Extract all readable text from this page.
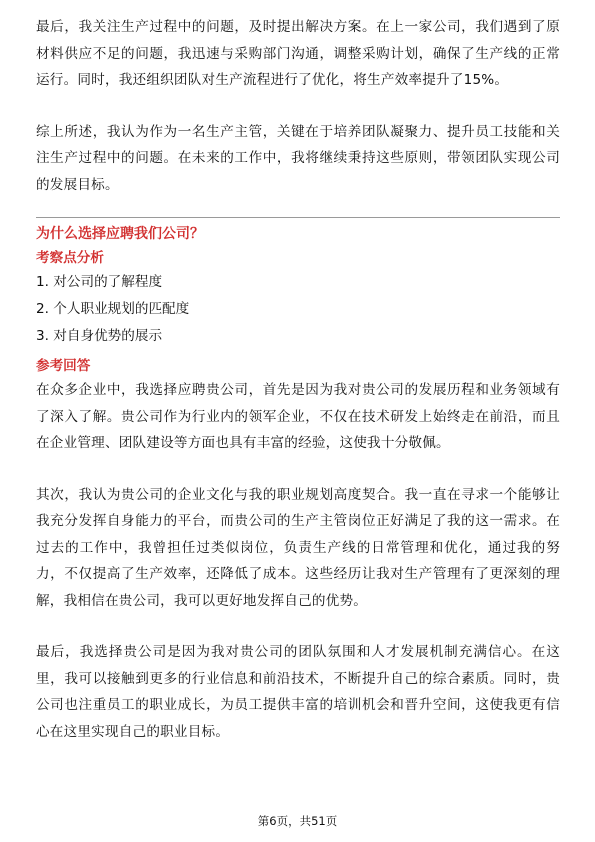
最后，我关注生产过程中的问题，及时提出解决方案。在上一家公司，我们遇到了原材料供应不足的问题，我迅速与采购部门沟通，调整采购计划，确保了生产线的正常运行。同时，我还组织团队对生产流程进行了优化，将生产效率提升了15%。

综上所述，我认为作为一名生产主管，关键在于培养团队凝聚力、提升员工技能和关注生产过程中的问题。在未来的工作中，我将继续秉持这些原则，带领团队实现公司的发展目标。

为什么选择应聘我们公司？

考察点分析

1. 对公司的了解程度

2. 个人职业规划的匹配度

3. 对自身优势的展示

参考回答

在众多企业中，我选择应聘贵公司，首先是因为我对贵公司的发展历程和业务领域有了深入了解。贵公司作为行业内的领军企业，不仅在技术研发上始终走在前沿，而且在企业管理、团队建设等方面也具有丰富的经验，这使我十分敬佩。

其次，我认为贵公司的企业文化与我的职业规划高度契合。我一直在寻求一个能够让我充分发挥自身能力的平台，而贵公司的生产主管岗位正好满足了我的这一需求。在过去的工作中，我曾担任过类似岗位，负责生产线的日常管理和优化，通过我的努力，不仅提高了生产效率，还降低了成本。这些经历让我对生产管理有了更深刻的理解，我相信在贵公司，我可以更好地发挥自己的优势。

最后，我选择贵公司是因为我对贵公司的团队氛围和人才发展机制充满信心。在这里，我可以接触到更多的行业信息和前沿技术，不断提升自己的综合素质。同时，贵公司也注重员工的职业成长，为员工提供丰富的培训机会和晋升空间，这使我更有信心在这里实现自己的职业目标。

第6页，共51页
